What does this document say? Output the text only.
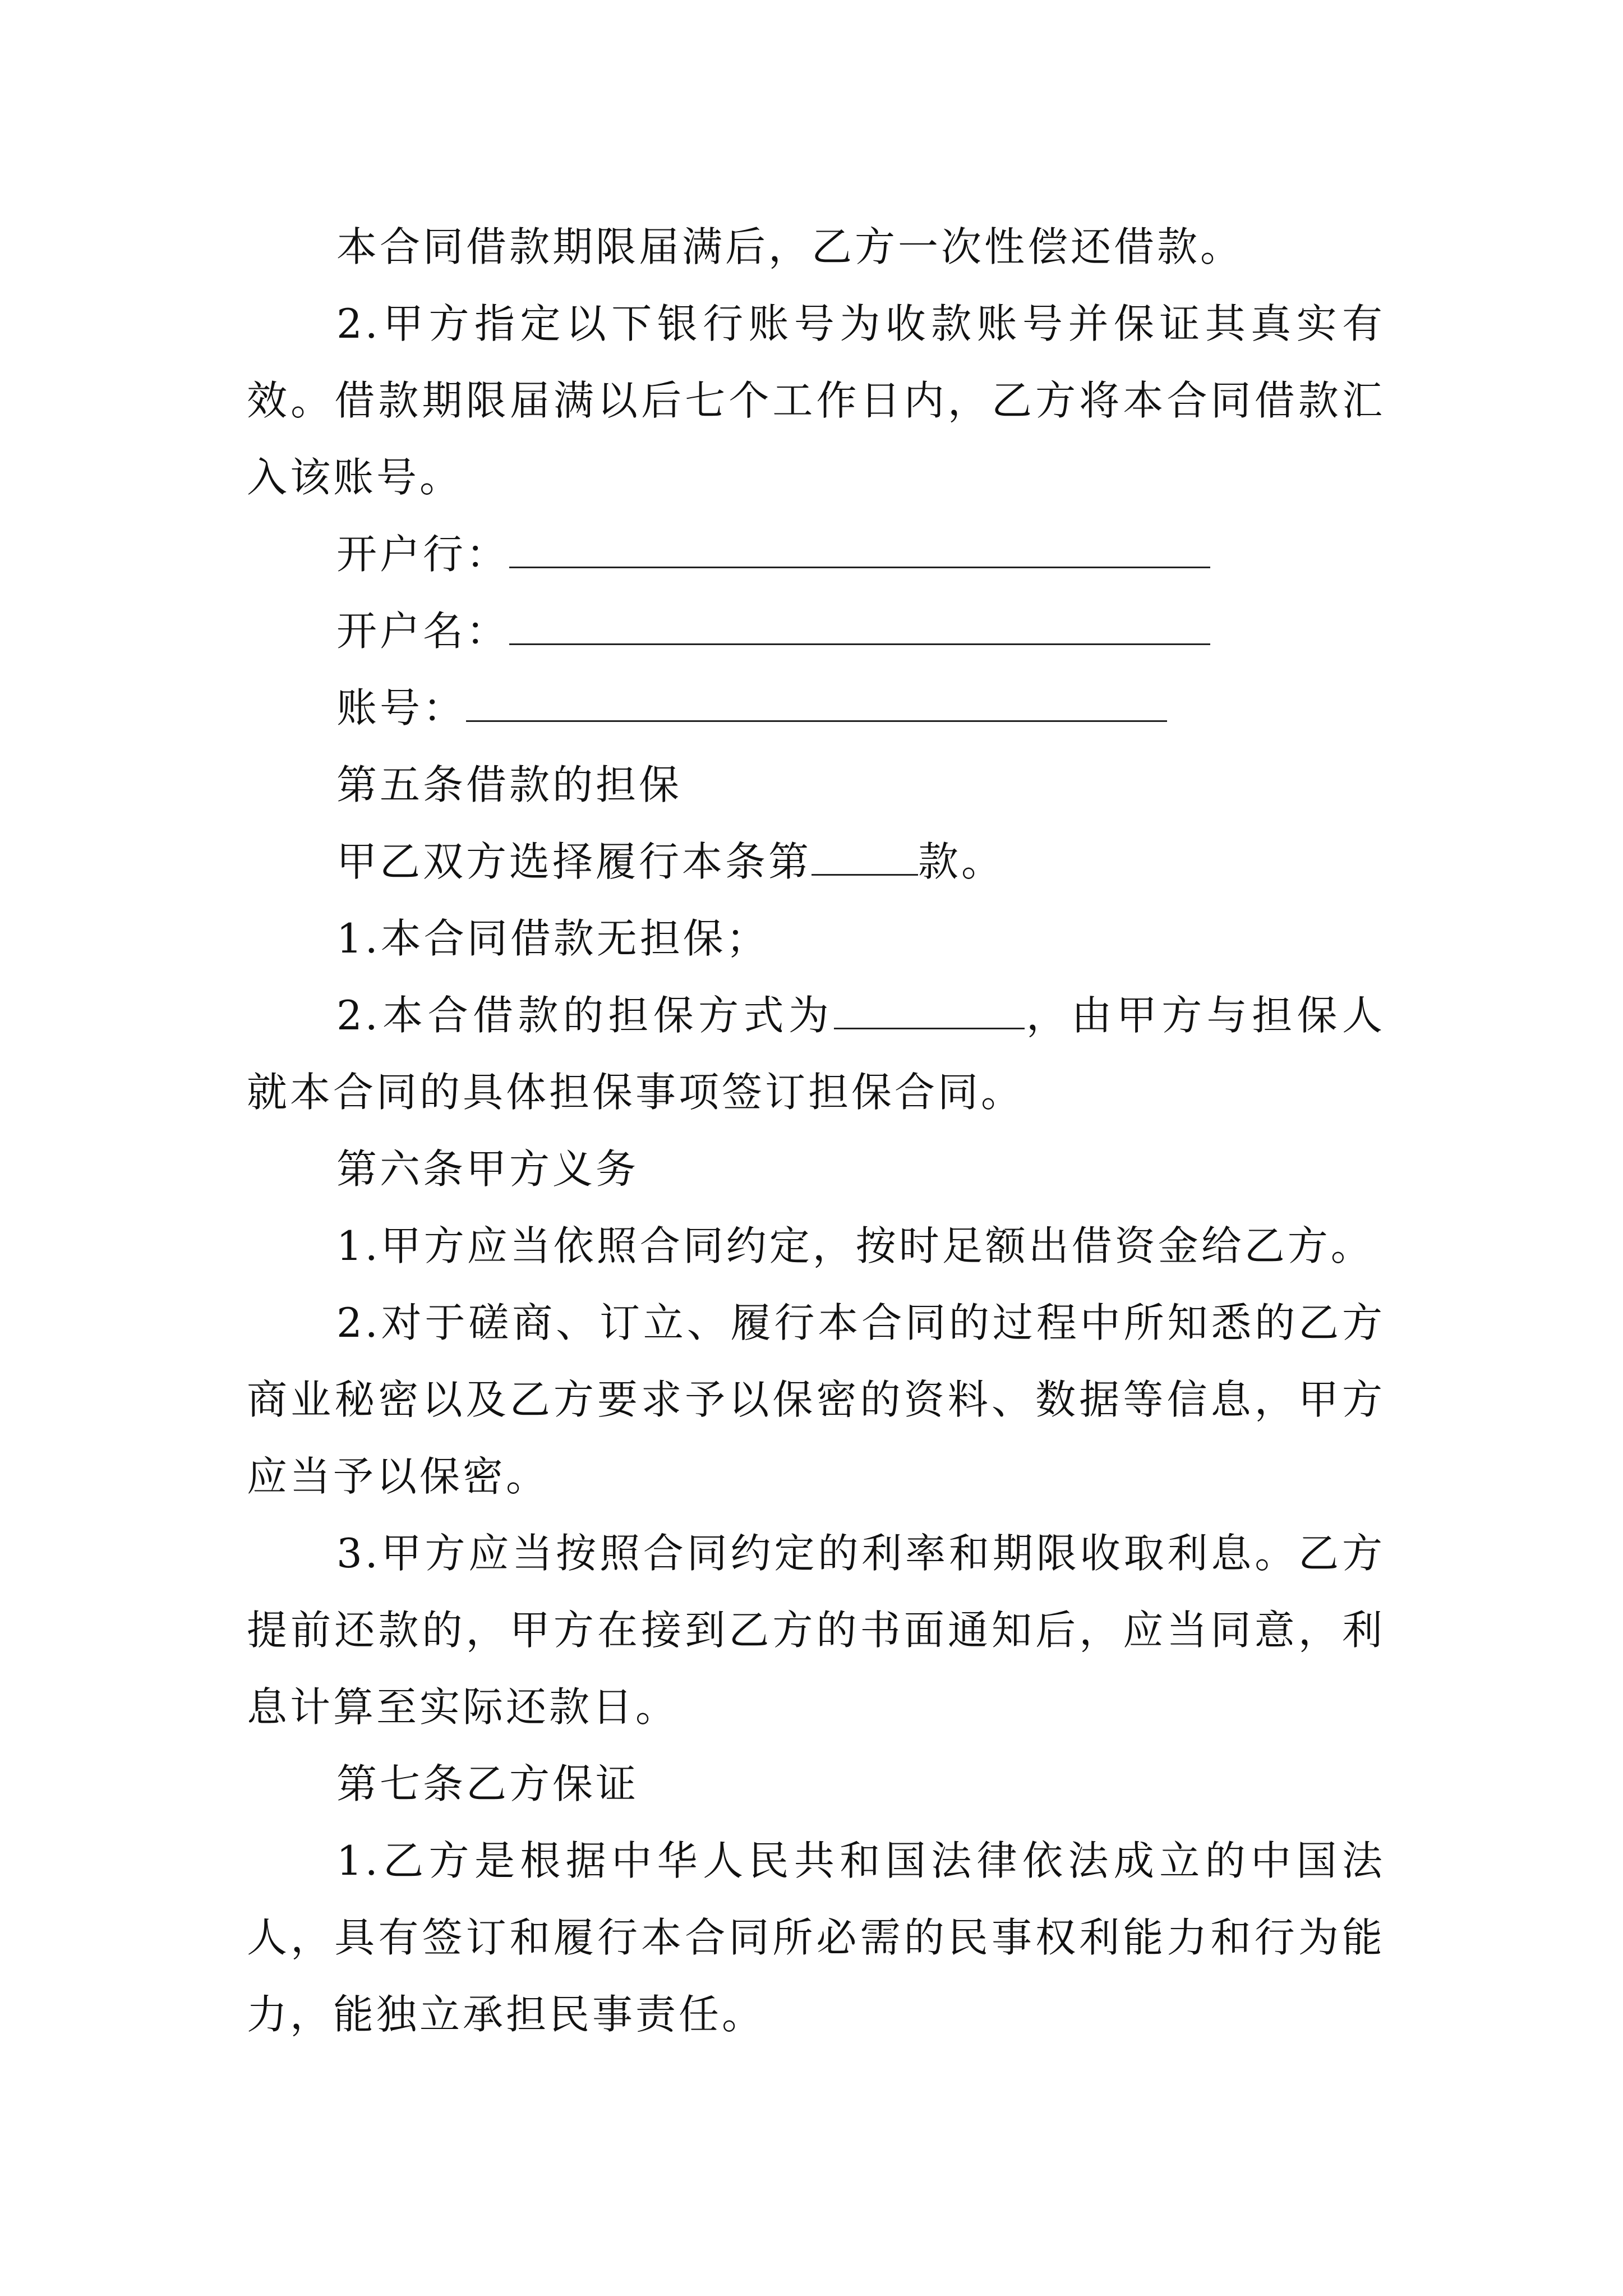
本合同借款期限届满后，乙方一次性偿还借款。

2.甲方指定以下银行账号为收款账号并保证其真实有效。借款期限届满以后七个工作日内，乙方将本合同借款汇入该账号。

开户行：

开户名：

账号：

第五条借款的担保

甲乙双方选择履行本条第	款。

1.本合同借款无担保；

2.本合借款的担保方式为	，由甲方与担保人就本合同的具体担保事项签订担保合同。

第六条甲方义务

1.甲方应当依照合同约定，按时足额出借资金给乙方。

2.对于磋商、订立、履行本合同的过程中所知悉的乙方商业秘密以及乙方要求予以保密的资料、数据等信息，甲方应当予以保密。

3.甲方应当按照合同约定的利率和期限收取利息。乙方提前还款的，甲方在接到乙方的书面通知后，应当同意，利息计算至实际还款日。

第七条乙方保证

1.乙方是根据中华人民共和国法律依法成立的中国法人，具有签订和履行本合同所必需的民事权利能力和行为能力，能独立承担民事责任。
